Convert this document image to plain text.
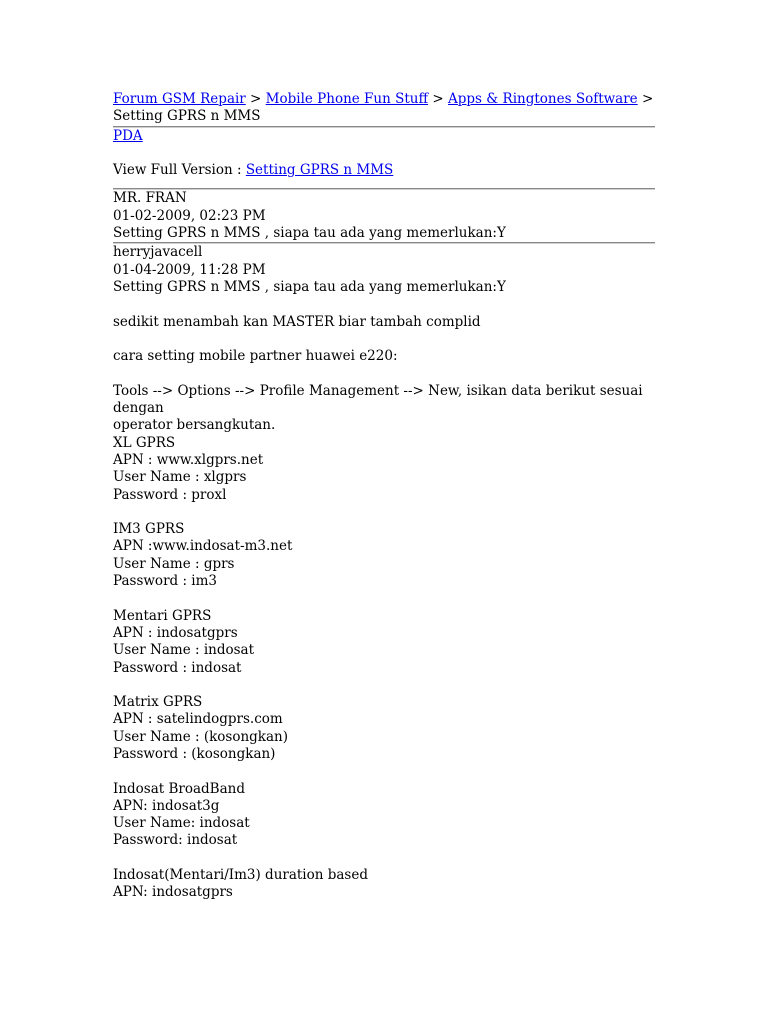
Forum GSM Repair > Mobile Phone Fun Stuff > Apps & Ringtones Software > Setting GPRS n MMS
PDA
View Full Version : Setting GPRS n MMS
MR. FRAN
01-02-2009, 02:23 PM
Setting GPRS n MMS , siapa tau ada yang memerlukan:Y
herryjavacell
01-04-2009, 11:28 PM
Setting GPRS n MMS , siapa tau ada yang memerlukan:Y
sedikit menambah kan MASTER biar tambah complid
cara setting mobile partner huawei e220:
Tools --> Options --> Profile Management --> New, isikan data berikut sesuai dengan
operator bersangkutan.
XL GPRS
APN : www.xlgprs.net
User Name : xlgprs
Password : proxl
IM3 GPRS
APN :www.indosat-m3.net
User Name : gprs
Password : im3
Mentari GPRS
APN : indosatgprs
User Name : indosat
Password : indosat
Matrix GPRS
APN : satelindogprs.com
User Name : (kosongkan)
Password : (kosongkan)
Indosat BroadBand
APN: indosat3g
User Name: indosat
Password: indosat
Indosat(Mentari/Im3) duration based
APN: indosatgprs
